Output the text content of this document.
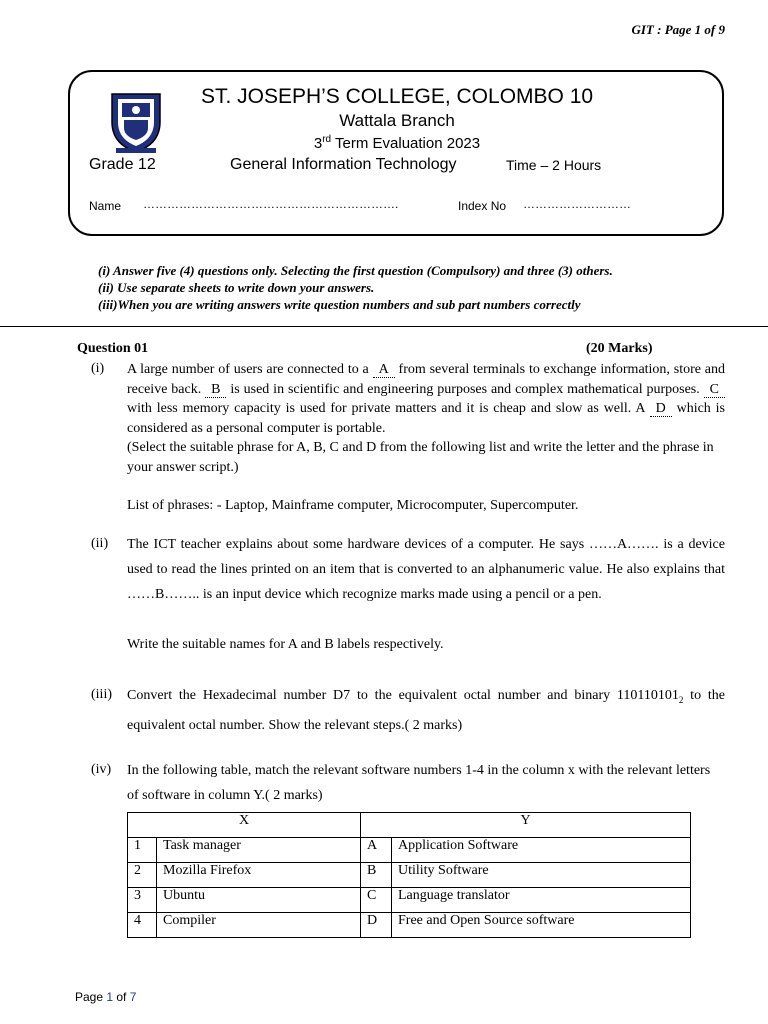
GIT : Page 1 of 9
ST. JOSEPH’S COLLEGE, COLOMBO 10
Wattala Branch
3rd Term Evaluation 2023
Grade 12	General Information Technology	Time – 2 Hours
Name ……………………………………………………….	Index No ………………………
(i) Answer five (4) questions only. Selecting the first question (Compulsory) and three (3) others.
(ii) Use separate sheets to write down your answers.
(iii)When you are writing answers write question numbers and sub part numbers correctly
Question 01	(20 Marks)
(i) A large number of users are connected to a A from several terminals to exchange information, store and receive back. B is used in scientific and engineering purposes and complex mathematical purposes. C with less memory capacity is used for private matters and it is cheap and slow as well. A D which is considered as a personal computer is portable.
(Select the suitable phrase for A, B, C and D from the following list and write the letter and the phrase in your answer script.)
List of phrases: - Laptop, Mainframe computer, Microcomputer, Supercomputer.
(ii) The ICT teacher explains about some hardware devices of a computer. He says ……A……. is a device used to read the lines printed on an item that is converted to an alphanumeric value. He also explains that ……B…….. is an input device which recognize marks made using a pencil or a pen.
Write the suitable names for A and B labels respectively.
(iii) Convert the Hexadecimal number D7 to the equivalent octal number and binary $110110101_2$ to the equivalent octal number. Show the relevant steps.( 2 marks)
(iv) In the following table, match the relevant software numbers 1-4 in the column x with the relevant letters of software in column Y.( 2 marks)
X		Y	
1	Task manager	A	Application Software
2	Mozilla Firefox	B	Utility Software
3	Ubuntu	C	Language translator
4	Compiler	D	Free and Open Source software
Page 1 of 7
